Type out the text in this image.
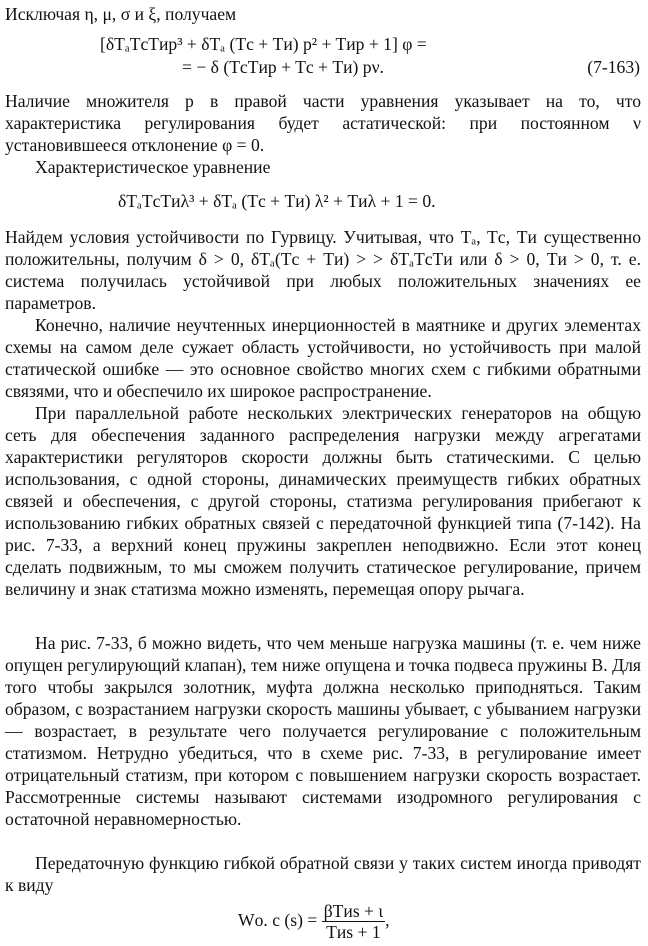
Исключая η, μ, σ и ξ, получаем
[δTₐTсTиp³ + δTₐ (Tс + Tи) p² + Tиp + 1] φ =
= − δ (TсTиp + Tс + Tи) pν.	(7-163)

Наличие множителя p в правой части уравнения указывает на то, что характеристика регулирования будет астатической: при постоянном ν установившееся отклонение φ = 0.

Характеристическое уравнение
δTₐTсTиλ³ + δTₐ (Tс + Tи) λ² + Tиλ + 1 = 0.

Найдем условия устойчивости по Гурвицу. Учитывая, что Tₐ, Tс, Tи существенно положительны, получим δ > 0, δTₐ(Tс + Tи) > > δTₐTсTи или δ > 0, Tи > 0, т. е. система получилась устойчивой при любых положительных значениях ее параметров.

Конечно, наличие неучтенных инерционностей в маятнике и других элементах схемы на самом деле сужает область устойчивости, но устойчивость при малой статической ошибке — это основное свойство многих схем с гибкими обратными связями, что и обеспечило их широкое распространение.

При параллельной работе нескольких электрических генераторов на общую сеть для обеспечения заданного распределения нагрузки между агрегатами характеристики регуляторов скорости должны быть статическими. С целью использования, с одной стороны, динамических преимуществ гибких обратных связей и обеспечения, с другой стороны, статизма регулирования прибегают к использованию гибких обратных связей с передаточной функцией типа (7-142). На рис. 7-33, а верхний конец пружины закреплен неподвижно. Если этот конец сделать подвижным, то мы сможем получить статическое регулирование, причем величину и знак статизма можно изменять, перемещая опору рычага.

На рис. 7-33, б можно видеть, что чем меньше нагрузка машины (т. е. чем ниже опущен регулирующий клапан), тем ниже опущена и точка подвеса пружины B. Для того чтобы закрылся золотник, муфта должна несколько приподняться. Таким образом, с возрастанием нагрузки скорость машины убывает, с убыванием нагрузки — возрастает, в результате чего получается регулирование с положительным статизмом. Нетрудно убедиться, что в схеме рис. 7-33, в регулирование имеет отрицательный статизм, при котором с повышением нагрузки скорость возрастает. Рассмотренные системы называют системами изодромного регулирования с остаточной неравномерностью.

Передаточную функцию гибкой обратной связи у таких систем иногда приводят к виду

Wо. с $(s) = \frac{\text{βTиs + ι}}{\text{Tиs + 1}}$ ,
